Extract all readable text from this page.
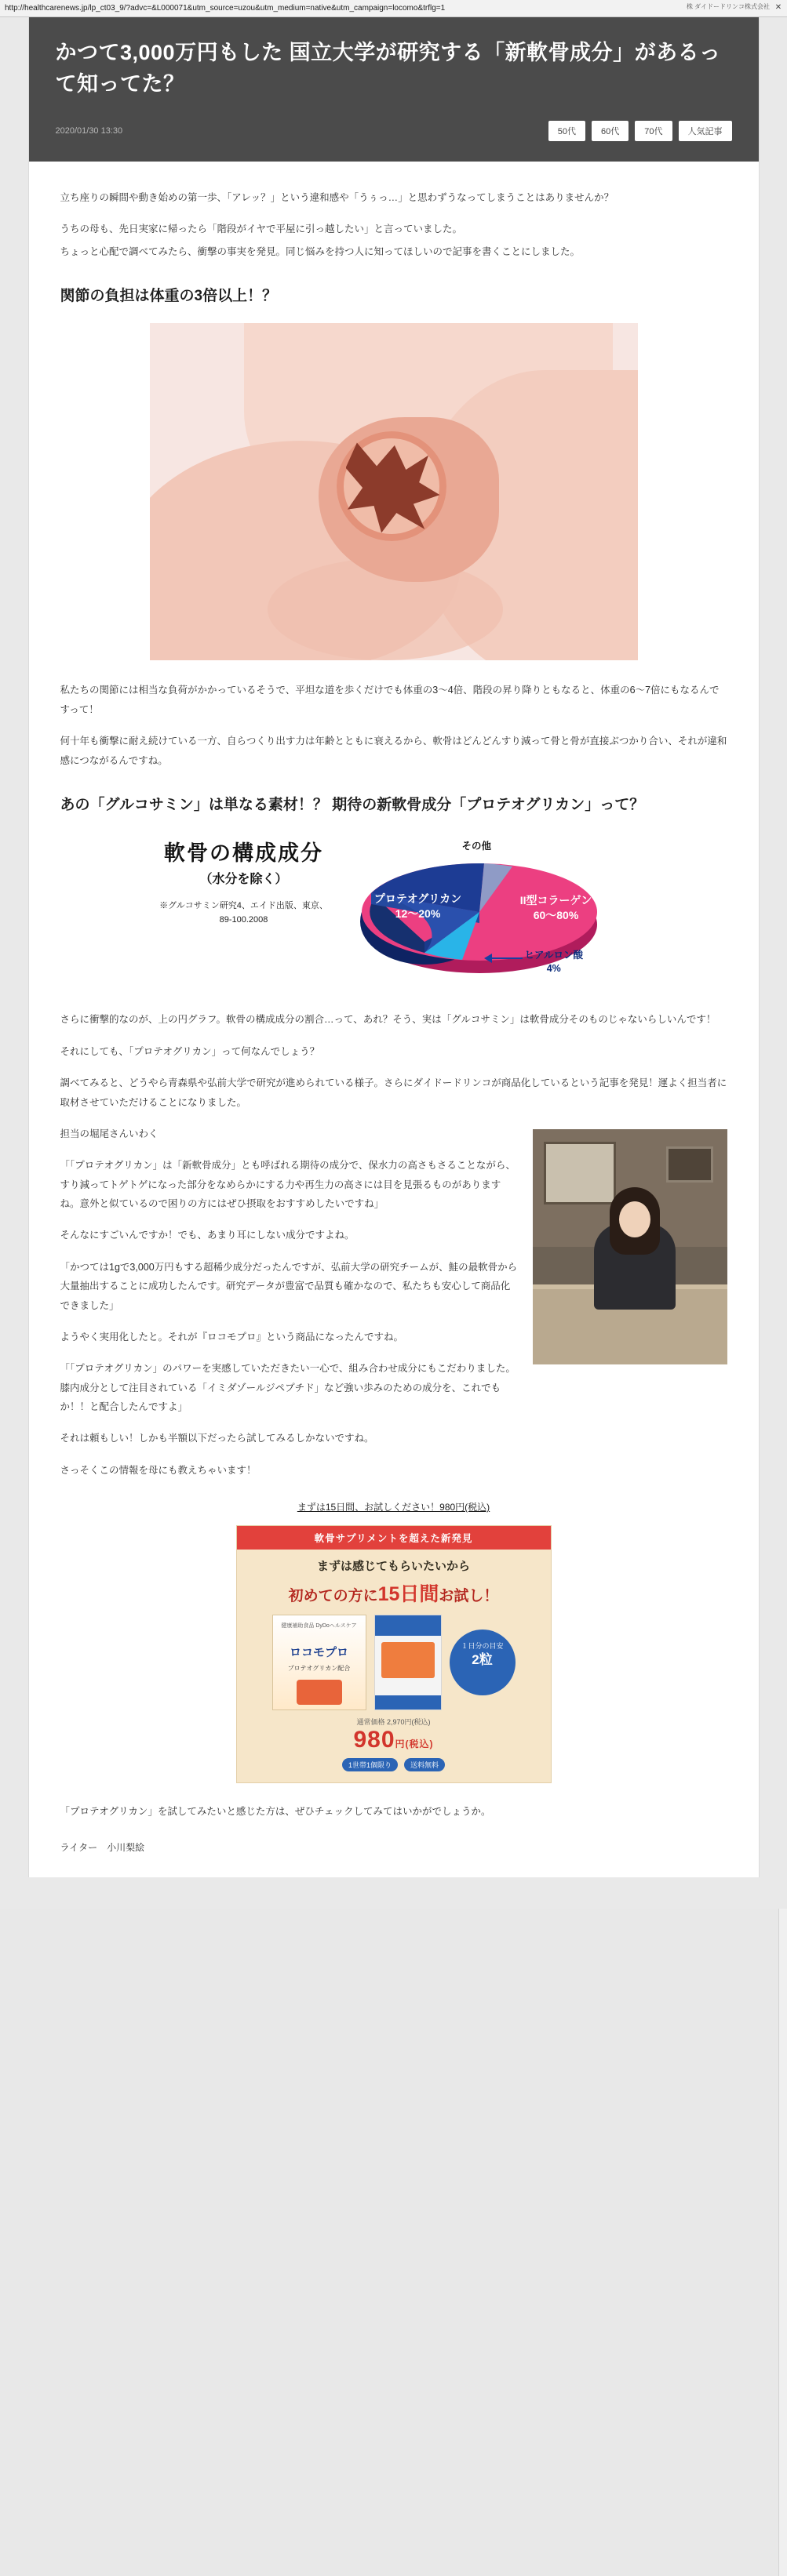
http://healthcarenews.jp/lp_ct03_9/?advc=&L000071&utm_source=uzou&utm_medium=native&utm_campaign=locomo&trflg=1	株 ダイドードリンコ株式会社 ✕
かつて3,000万円もした 国立大学が研究する「新軟骨成分」があるって知ってた？
2020/01/30 13:30	50代	60代	70代	人気記事

立ち座りの瞬間や動き始めの第一歩、「アレッ？」という違和感や「うぅっ…」と思わずうなってしまうことはありませんか？

うちの母も、先日実家に帰ったら「階段がイヤで平屋に引っ越したい」と言っていました。

ちょっと心配で調べてみたら、衝撃の事実を発見。同じ悩みを持つ人に知ってほしいので記事を書くことにしました。

関節の負担は体重の3倍以上！？

私たちの関節には相当な負荷がかかっているそうで、平坦な道を歩くだけでも体重の3～4倍、階段の昇り降りともなると、体重の6～7倍にもなるんですって！

何十年も衝撃に耐え続けている一方、自らつくり出す力は年齢とともに衰えるから、軟骨はどんどんすり減って骨と骨が直接ぶつかり合い、それが違和感につながるんですね。

あの「グルコサミン」は単なる素材！？ 期待の新軟骨成分「プロテオグリカン」って？
軟骨の構成成分
（水分を除く）
※グルコサミン研究4、エイド出版、東京、89-100.2008
プロテオグリカン
12～20%
II型コラーゲン
60～80%
ヒアルロン酸
4%
その他

さらに衝撃的なのが、上の円グラフ。軟骨の構成成分の割合…って、あれ？そう、実は「グルコサミン」は軟骨成分そのものじゃないらしいんです！

それにしても、「プロテオグリカン」って何なんでしょう？

調べてみると、どうやら青森県や弘前大学で研究が進められている様子。さらにダイドードリンコが商品化しているという記事を発見！運よく担当者に取材させていただけることになりました。

担当の堀尾さんいわく

「「プロテオグリカン」は「新軟骨成分」とも呼ばれる期待の成分で、保水力の高さもさることながら、すり減ってトゲトゲになった部分をなめらかにする力や再生力の高さには目を見張るものがありますね。意外と似ているので困りの方にはぜひ摂取をおすすめしたいですね」

そんなにすごいんですか！でも、あまり耳にしない成分ですよね。

「かつては1gで3,000万円もする超稀少成分だったんですが、弘前大学の研究チームが、鮭の最軟骨から大量抽出することに成功したんです。研究データが豊富で品質も確かなので、私たちも安心して商品化できました」

ようやく実用化したと。それが『ロコモプロ』という商品になったんですね。

「「プロテオグリカン」のパワーを実感していただきたい一心で、組み合わせ成分にもこだわりました。膝内成分として注目されている「イミダゾールジペプチド」など強い歩みのための成分を、これでもか！！と配合したんですよ」

それは頼もしい！しかも半額以下だったら試してみるしかないですね。

さっそくこの情報を母にも教えちゃいます！

まずは15日間、お試しください！980円(税込)
軟骨サプリメントを超えた新発見
まずは感じてもらいたいから
初めての方に15日間お試し！
健康補助食品 DyDoヘルスケア
ロコモプロ
プロテオグリカン配合
１日分の目安
2粒
通常価格 2,970円(税込)
980円(税込)
1世帯1個限り	送料無料

「プロテオグリカン」を試してみたいと感じた方は、ぜひチェックしてみてはいかがでしょうか。

ライター　小川梨絵
